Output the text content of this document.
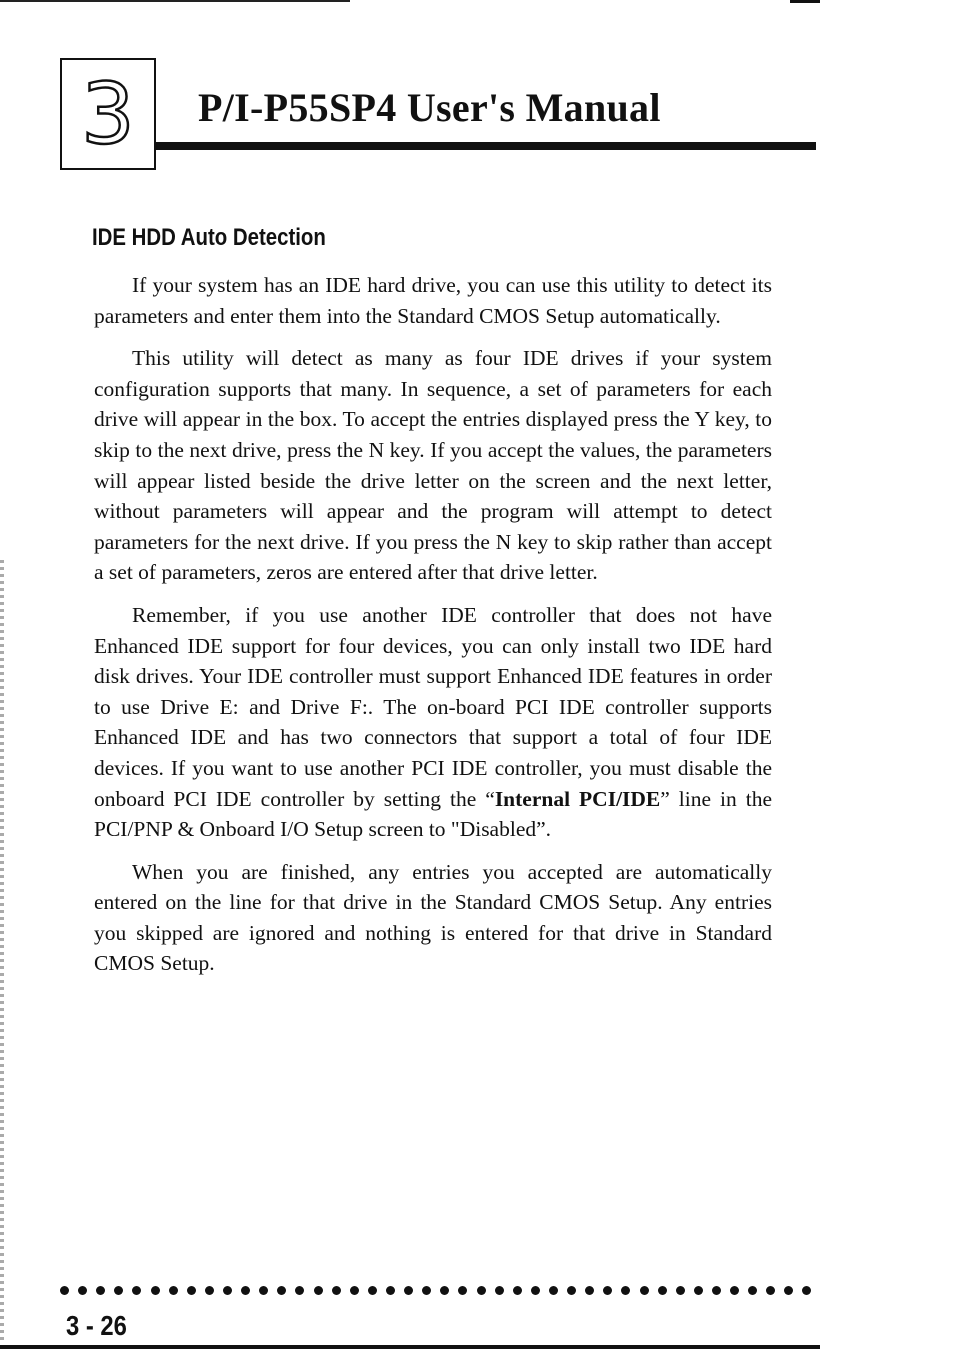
3	P/I-P55SP4 User's Manual
IDE HDD Auto Detection

If your system has an IDE hard drive, you can use this utility to detect its parameters and enter them into the Standard CMOS Setup automatically.

This utility will detect as many as four IDE drives if your system configuration supports that many. In sequence, a set of parameters for each drive will appear in the box. To accept the entries displayed press the Y key, to skip to the next drive, press the N key. If you accept the values, the parameters will appear listed beside the drive letter on the screen and the next letter, without parameters will appear and the program will attempt to detect parameters for the next drive. If you press the N key to skip rather than accept a set of parameters, zeros are entered after that drive letter.

Remember, if you use another IDE controller that does not have Enhanced IDE support for four devices, you can only install two IDE hard disk drives. Your IDE controller must support Enhanced IDE features in order to use Drive E: and Drive F:. The on-board PCI IDE controller supports Enhanced IDE and has two connectors that support a total of four IDE devices. If you want to use another PCI IDE controller, you must disable the onboard PCI IDE controller by setting the “Internal PCI/IDE” line in the PCI/PNP & Onboard I/O Setup screen to "Disabled”.

When you are finished, any entries you accepted are automatically entered on the line for that drive in the Standard CMOS Setup. Any entries you skipped are ignored and nothing is entered for that drive in Standard CMOS Setup.

3 - 26
